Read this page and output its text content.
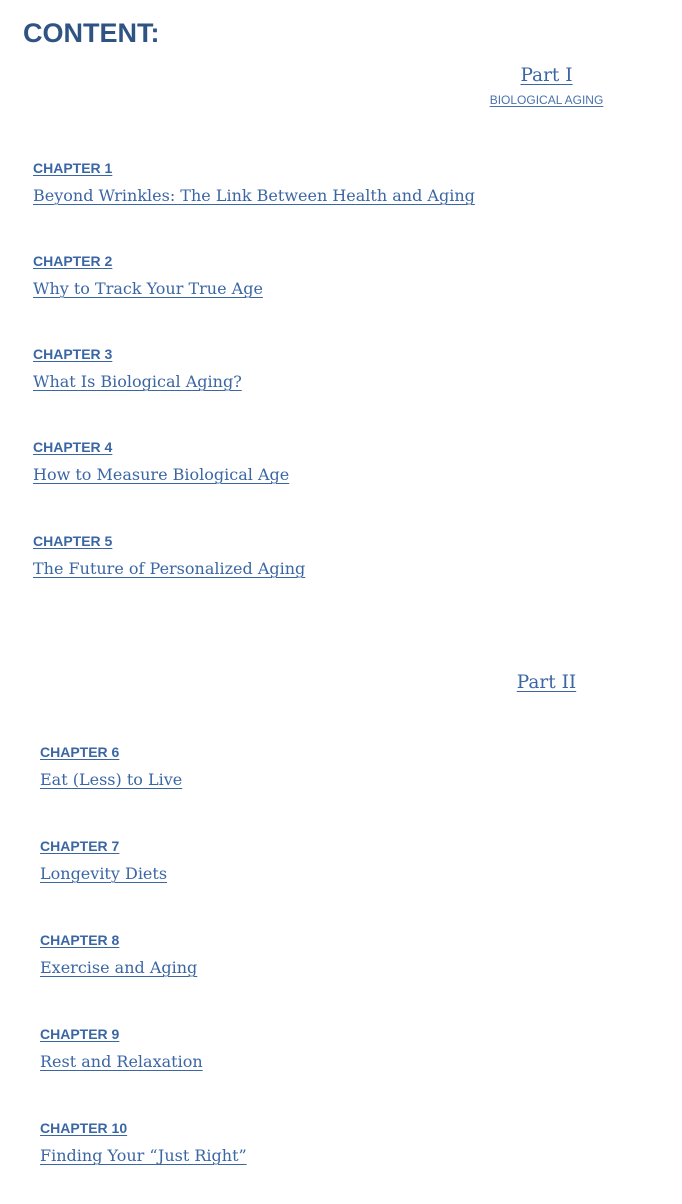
CONTENT:
Part I
BIOLOGICAL AGING
CHAPTER 1
Beyond Wrinkles: The Link Between Health and Aging
CHAPTER 2
Why to Track Your True Age
CHAPTER 3
What Is Biological Aging?
CHAPTER 4
How to Measure Biological Age
CHAPTER 5
The Future of Personalized Aging
Part II
CHAPTER 6
Eat (Less) to Live
CHAPTER 7
Longevity Diets
CHAPTER 8
Exercise and Aging
CHAPTER 9
Rest and Relaxation
CHAPTER 10
Finding Your “Just Right”
